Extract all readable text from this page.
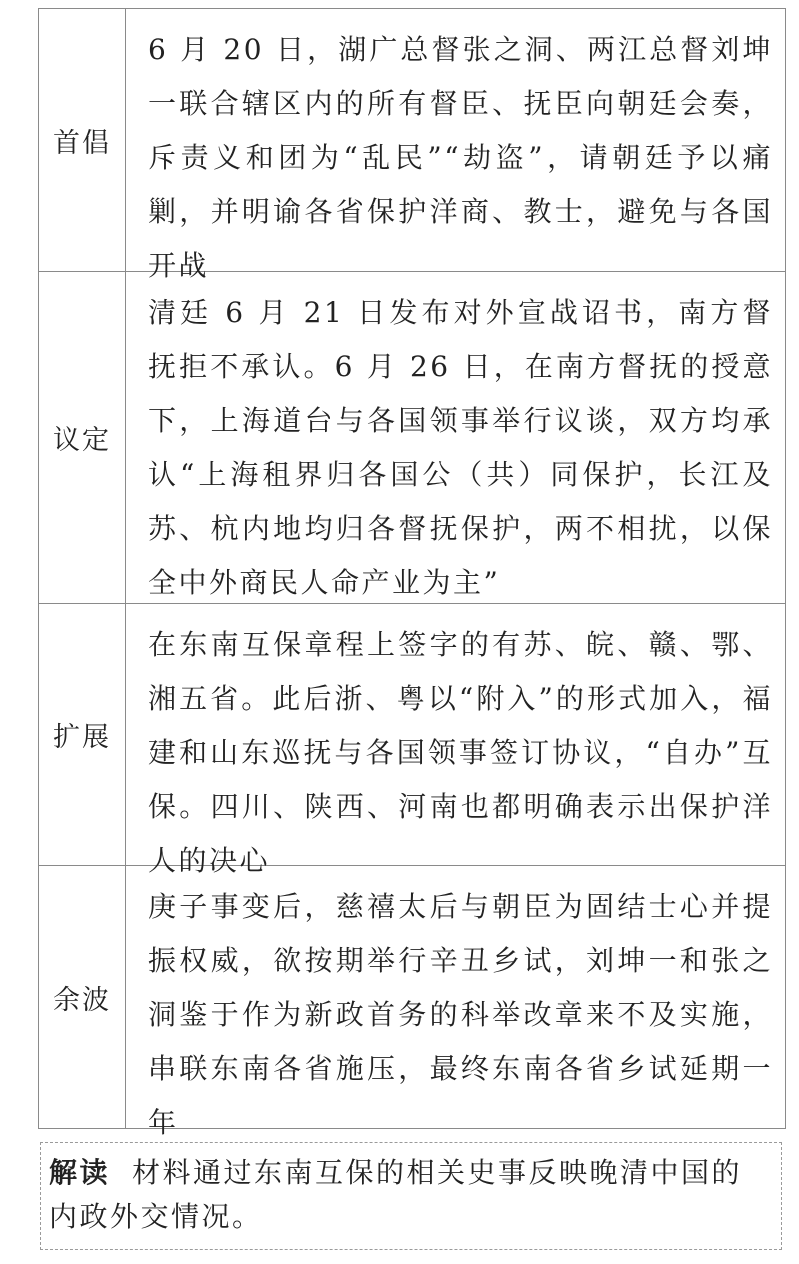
首倡
6 月 20 日，湖广总督张之洞、两江总督刘坤一联合辖区内的所有督臣、抚臣向朝廷会奏，斥责义和团为“乱民”“劫盗”，请朝廷予以痛剿，并明谕各省保护洋商、教士，避免与各国开战
议定
清廷 6 月 21 日发布对外宣战诏书，南方督抚拒不承认。6 月 26 日，在南方督抚的授意下，上海道台与各国领事举行议谈，双方均承认“上海租界归各国公（共）同保护，长江及苏、杭内地均归各督抚保护，两不相扰，以保全中外商民人命产业为主”
扩展
在东南互保章程上签字的有苏、皖、赣、鄂、湘五省。此后浙、粤以“附入”的形式加入，福建和山东巡抚与各国领事签订协议，“自办”互保。四川、陕西、河南也都明确表示出保护洋人的决心
余波
庚子事变后，慈禧太后与朝臣为固结士心并提振权威，欲按期举行辛丑乡试，刘坤一和张之洞鉴于作为新政首务的科举改章来不及实施，串联东南各省施压，最终东南各省乡试延期一年
解读 材料通过东南互保的相关史事反映晚清中国的内政外交情况。
